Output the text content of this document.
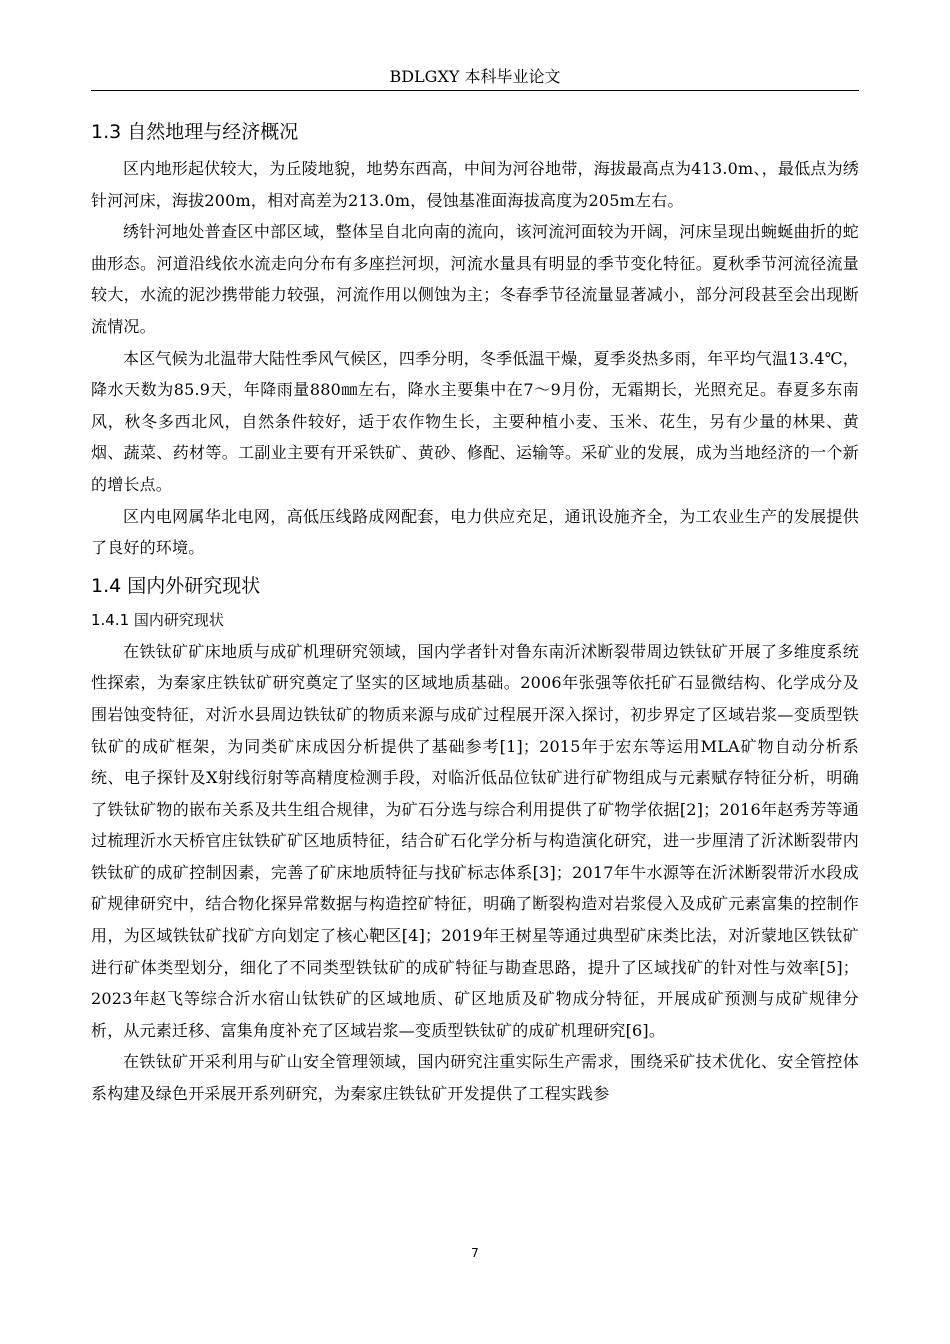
BDLGXY 本科毕业论文
1.3 自然地理与经济概况

区内地形起伏较大，为丘陵地貌，地势东西高，中间为河谷地带，海拔最高点为413.0m、，最低点为绣针河河床，海拔200m，相对高差为213.0m，侵蚀基准面海拔高度为205m左右。

绣针河地处普查区中部区域，整体呈自北向南的流向，该河流河面较为开阔，河床呈现出蜿蜒曲折的蛇曲形态。河道沿线依水流走向分布有多座拦河坝，河流水量具有明显的季节变化特征。夏秋季节河流径流量较大，水流的泥沙携带能力较强，河流作用以侧蚀为主；冬春季节径流量显著减小，部分河段甚至会出现断流情况。

本区气候为北温带大陆性季风气候区，四季分明，冬季低温干燥，夏季炎热多雨，年平均气温13.4℃，降水天数为85.9天，年降雨量880㎜左右，降水主要集中在7～9月份，无霜期长，光照充足。春夏多东南风，秋冬多西北风，自然条件较好，适于农作物生长，主要种植小麦、玉米、花生，另有少量的林果、黄烟、蔬菜、药材等。工副业主要有开采铁矿、黄砂、修配、运输等。采矿业的发展，成为当地经济的一个新的增长点。

区内电网属华北电网，高低压线路成网配套，电力供应充足，通讯设施齐全，为工农业生产的发展提供了良好的环境。

1.4 国内外研究现状
1.4.1 国内研究现状

在铁钛矿矿床地质与成矿机理研究领域，国内学者针对鲁东南沂沭断裂带周边铁钛矿开展了多维度系统性探索，为秦家庄铁钛矿研究奠定了坚实的区域地质基础。2006年张强等依托矿石显微结构、化学成分及围岩蚀变特征，对沂水县周边铁钛矿的物质来源与成矿过程展开深入探讨，初步界定了区域岩浆—变质型铁钛矿的成矿框架，为同类矿床成因分析提供了基础参考[1]；2015年于宏东等运用MLA矿物自动分析系统、电子探针及X射线衍射等高精度检测手段，对临沂低品位钛矿进行矿物组成与元素赋存特征分析，明确了铁钛矿物的嵌布关系及共生组合规律，为矿石分选与综合利用提供了矿物学依据[2]；2016年赵秀芳等通过梳理沂水天桥官庄钛铁矿矿区地质特征，结合矿石化学分析与构造演化研究，进一步厘清了沂沭断裂带内铁钛矿的成矿控制因素，完善了矿床地质特征与找矿标志体系[3]；2017年牛水源等在沂沭断裂带沂水段成矿规律研究中，结合物化探异常数据与构造控矿特征，明确了断裂构造对岩浆侵入及成矿元素富集的控制作用，为区域铁钛矿找矿方向划定了核心靶区[4]；2019年王树星等通过典型矿床类比法，对沂蒙地区铁钛矿进行矿体类型划分，细化了不同类型铁钛矿的成矿特征与勘查思路，提升了区域找矿的针对性与效率[5]；2023年赵飞等综合沂水宿山钛铁矿的区域地质、矿区地质及矿物成分特征，开展成矿预测与成矿规律分析，从元素迁移、富集角度补充了区域岩浆—变质型铁钛矿的成矿机理研究[6]。

在铁钛矿开采利用与矿山安全管理领域，国内研究注重实际生产需求，围绕采矿技术优化、安全管控体系构建及绿色开采展开系列研究，为秦家庄铁钛矿开发提供了工程实践参

7
